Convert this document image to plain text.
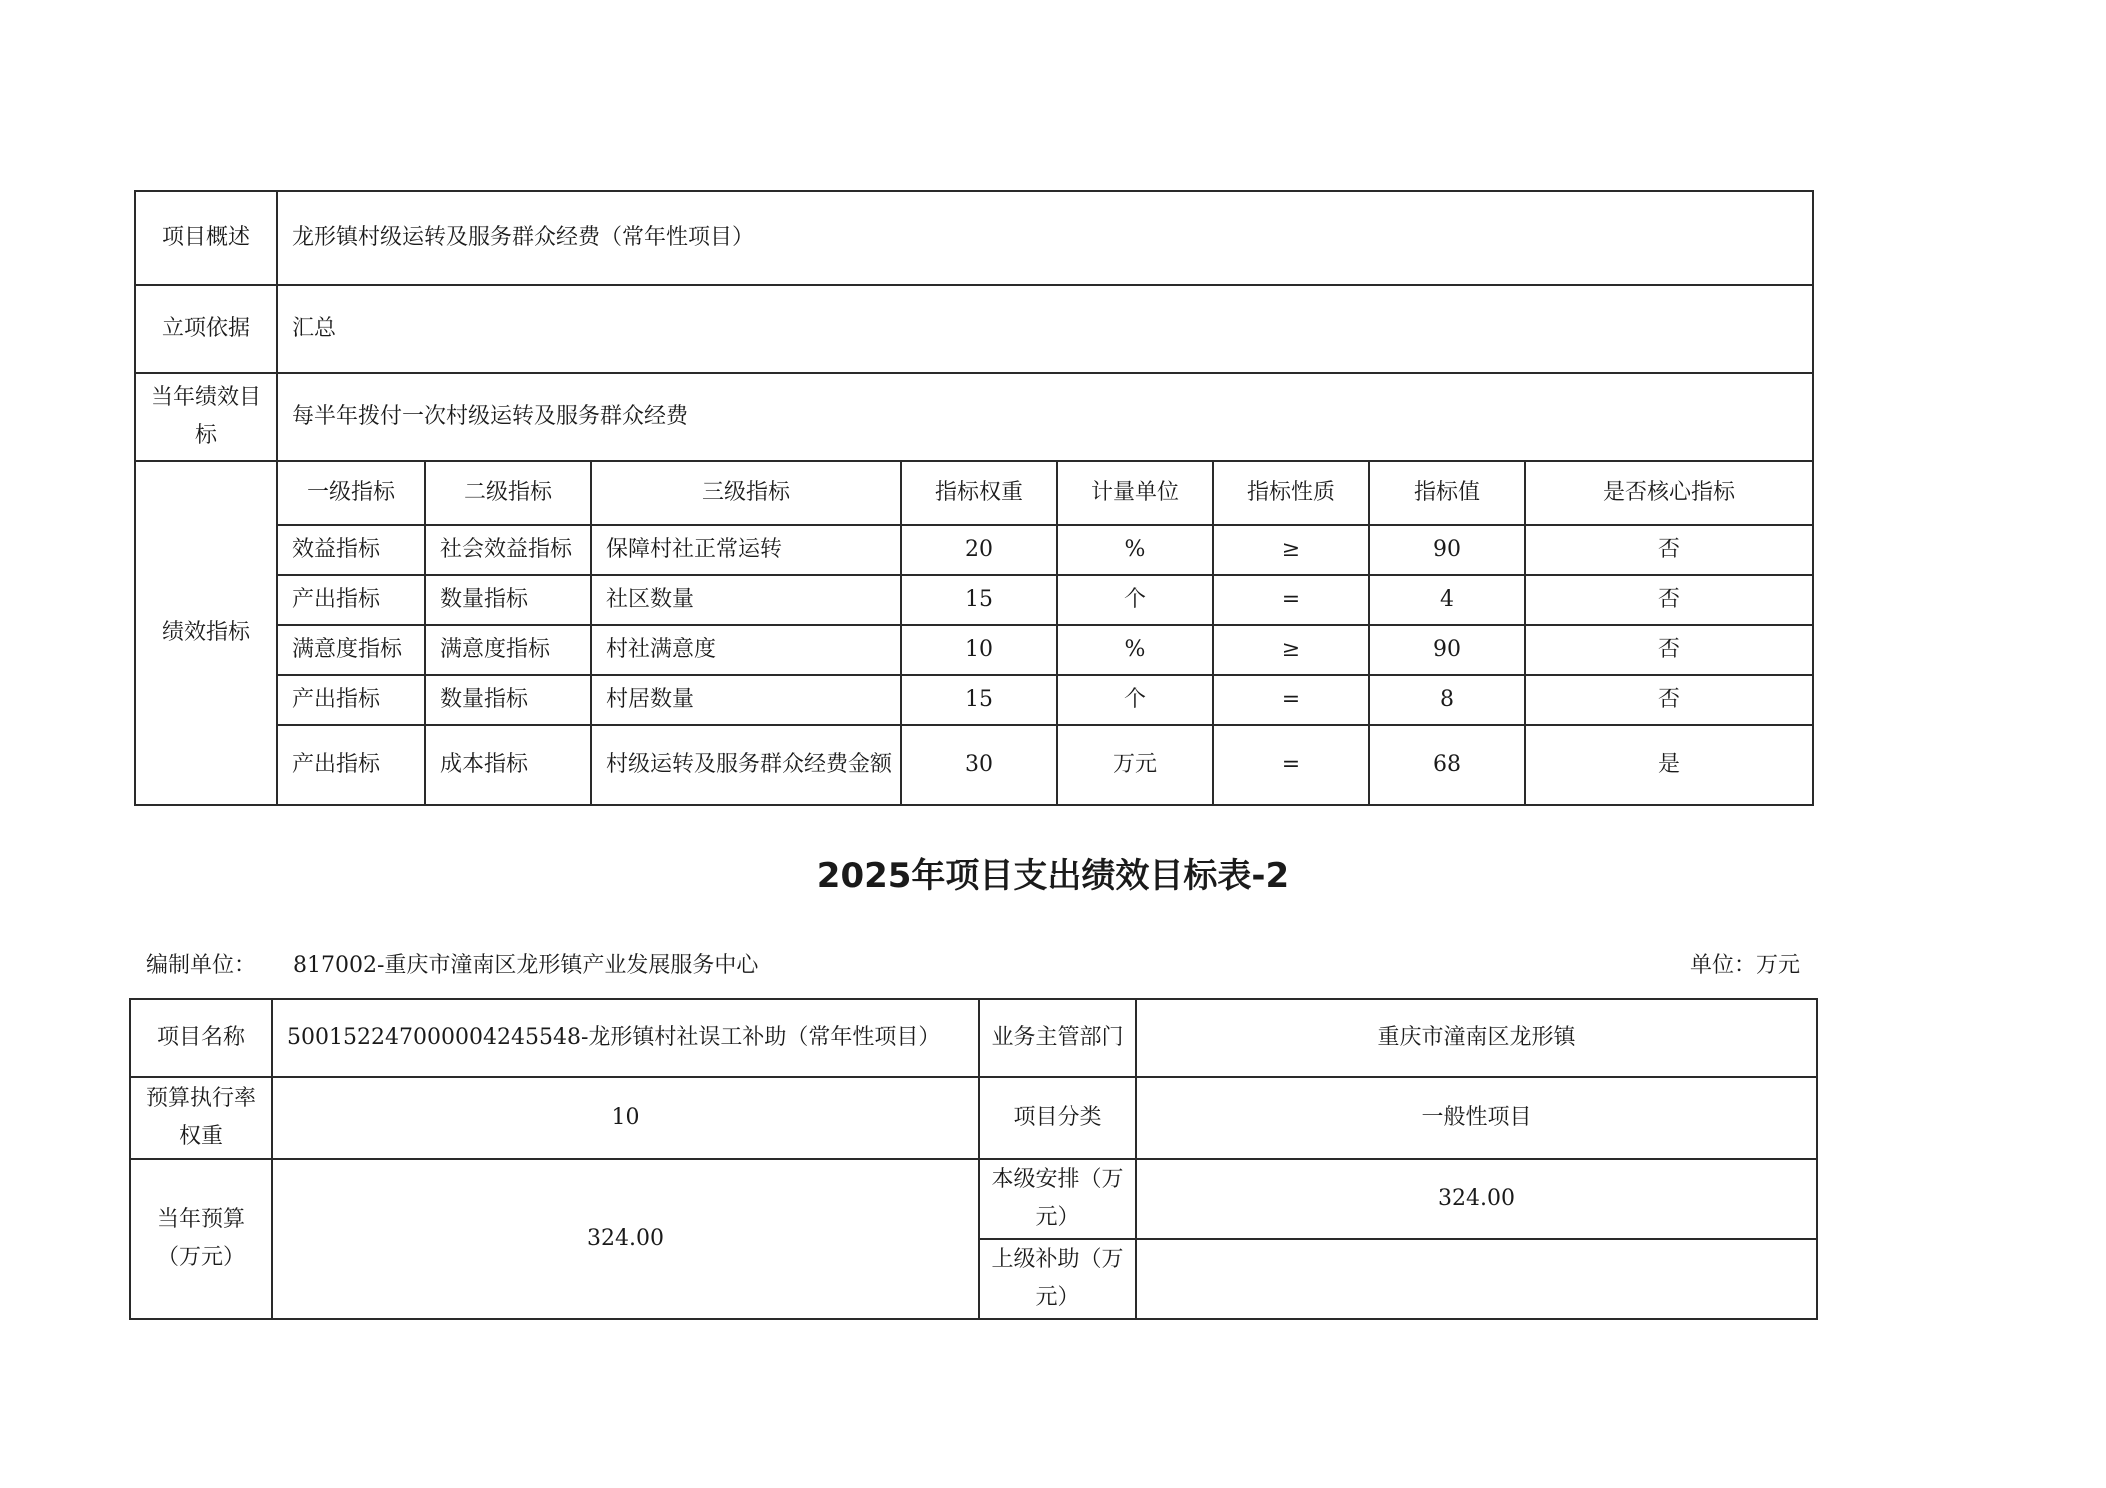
项目概述	龙形镇村级运转及服务群众经费（常年性项目）							
立项依据	汇总							
当年绩效目标	每半年拨付一次村级运转及服务群众经费							
绩效指标	一级指标	二级指标	三级指标	指标权重	计量单位	指标性质	指标值	是否核心指标
	效益指标	社会效益指标	保障村社正常运转	20	%	≥	90	否
	产出指标	数量指标	社区数量	15	个	=	4	否
	满意度指标	满意度指标	村社满意度	10	%	≥	90	否
	产出指标	数量指标	村居数量	15	个	=	8	否
	产出指标	成本指标	村级运转及服务群众经费金额	30	万元	=	68	是
2025年项目支出绩效目标表-2
编制单位： 817002-重庆市潼南区龙形镇产业发展服务中心	单位：万元
项目名称	500152247000004245548-龙形镇村社误工补助（常年性项目）	业务主管部门	重庆市潼南区龙形镇
预算执行率权重	10	项目分类	一般性项目
当年预算（万元）	324.00	本级安排（万元）	324.00
		上级补助（万元）	
